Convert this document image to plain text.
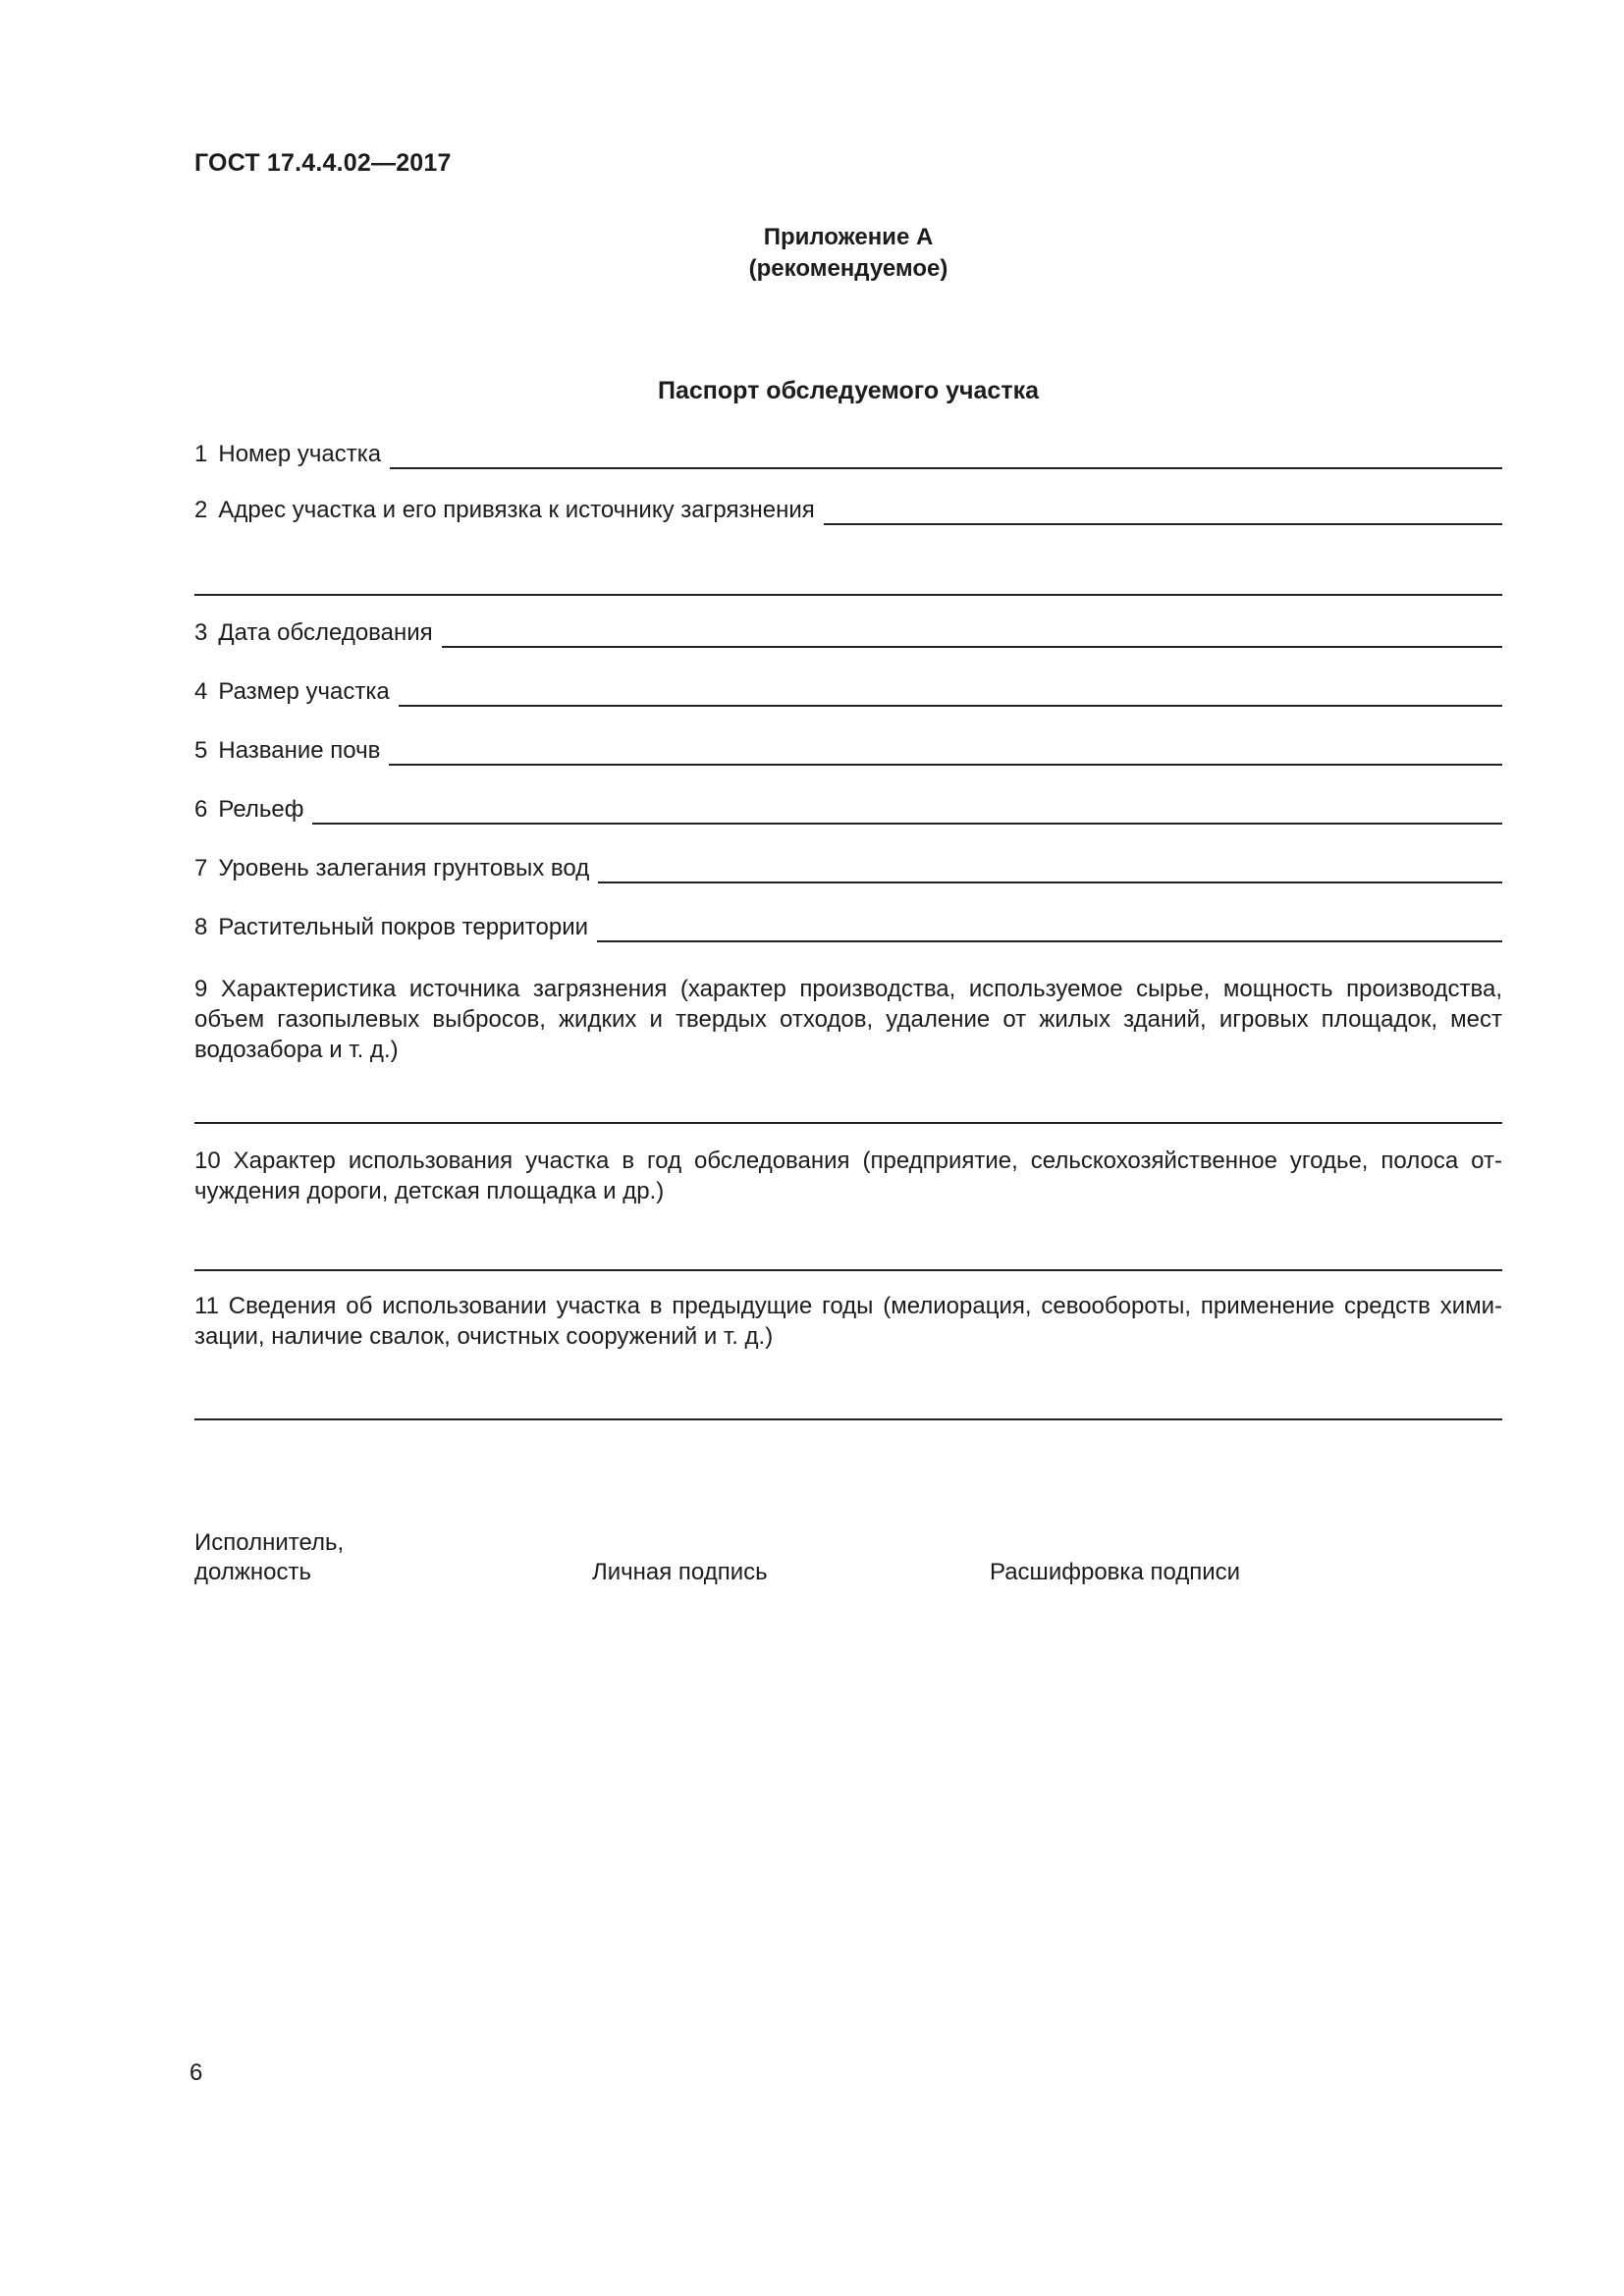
ГОСТ 17.4.4.02—2017
Приложение А
(рекомендуемое)
Паспорт обследуемого участка
1 Номер участка
2 Адрес участка и его привязка к источнику загрязнения
3 Дата обследования
4 Размер участка
5 Название почв
6 Рельеф
7 Уровень залегания грунтовых вод
8 Растительный покров территории
9 Характеристика источника загрязнения (характер производства, используемое сырье, мощность производства,
объем газопылевых выбросов, жидких и твердых отходов, удаление от жилых зданий, игровых площадок, мест
водозабора и т. д.)
10 Характер использования участка в год обследования (предприятие, сельскохозяйственное угодье, полоса от-
чуждения дороги, детская площадка и др.)
11 Сведения об использовании участка в предыдущие годы (мелиорация, севообороты, применение средств хими-
зации, наличие свалок, очистных сооружений и т. д.)
Исполнитель,
должность	Личная подпись	Расшифровка подписи
6
